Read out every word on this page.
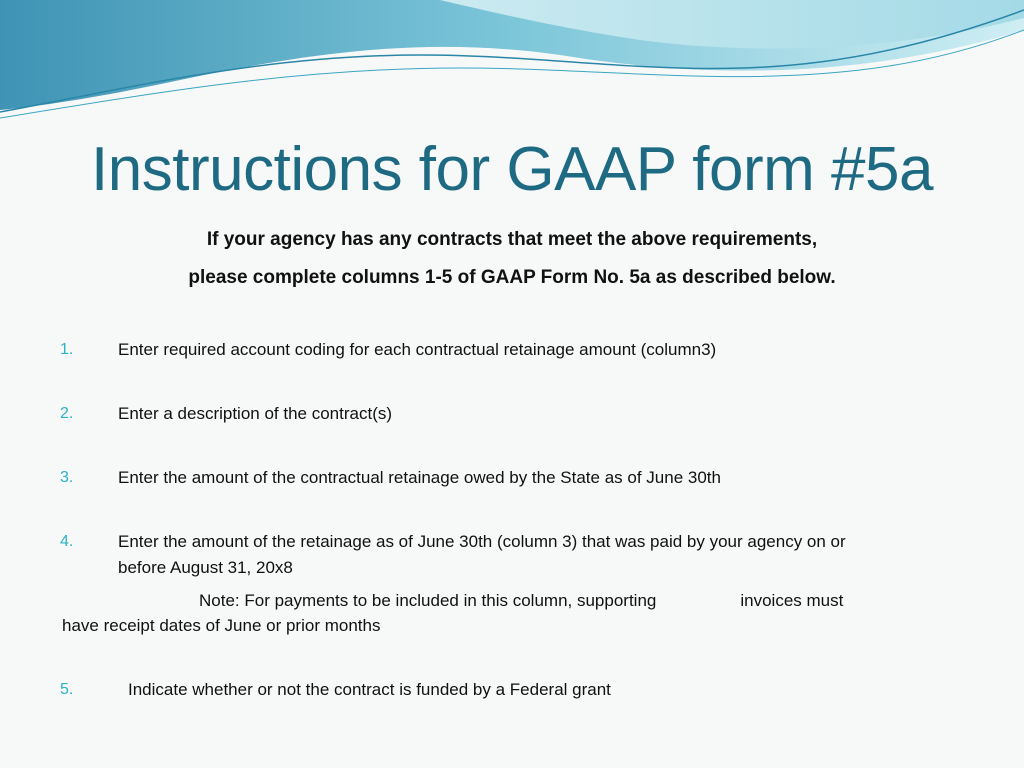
Instructions for GAAP form #5a
If your agency has any contracts that meet the above requirements,
please complete columns 1-5 of GAAP Form No. 5a as described below.
1.	Enter required account coding for each contractual retainage amount (column3)
2.	Enter a description of the contract(s)
3.	Enter the amount of the contractual retainage owed by the State as of June 30th
4.	Enter the amount of the retainage as of June 30th (column 3) that was paid by your agency on or
before August 31, 20x8
Note: For payments to be included in this column, supporting	invoices must
have receipt dates of June or prior months
5.	Indicate whether or not the contract is funded by a Federal grant
